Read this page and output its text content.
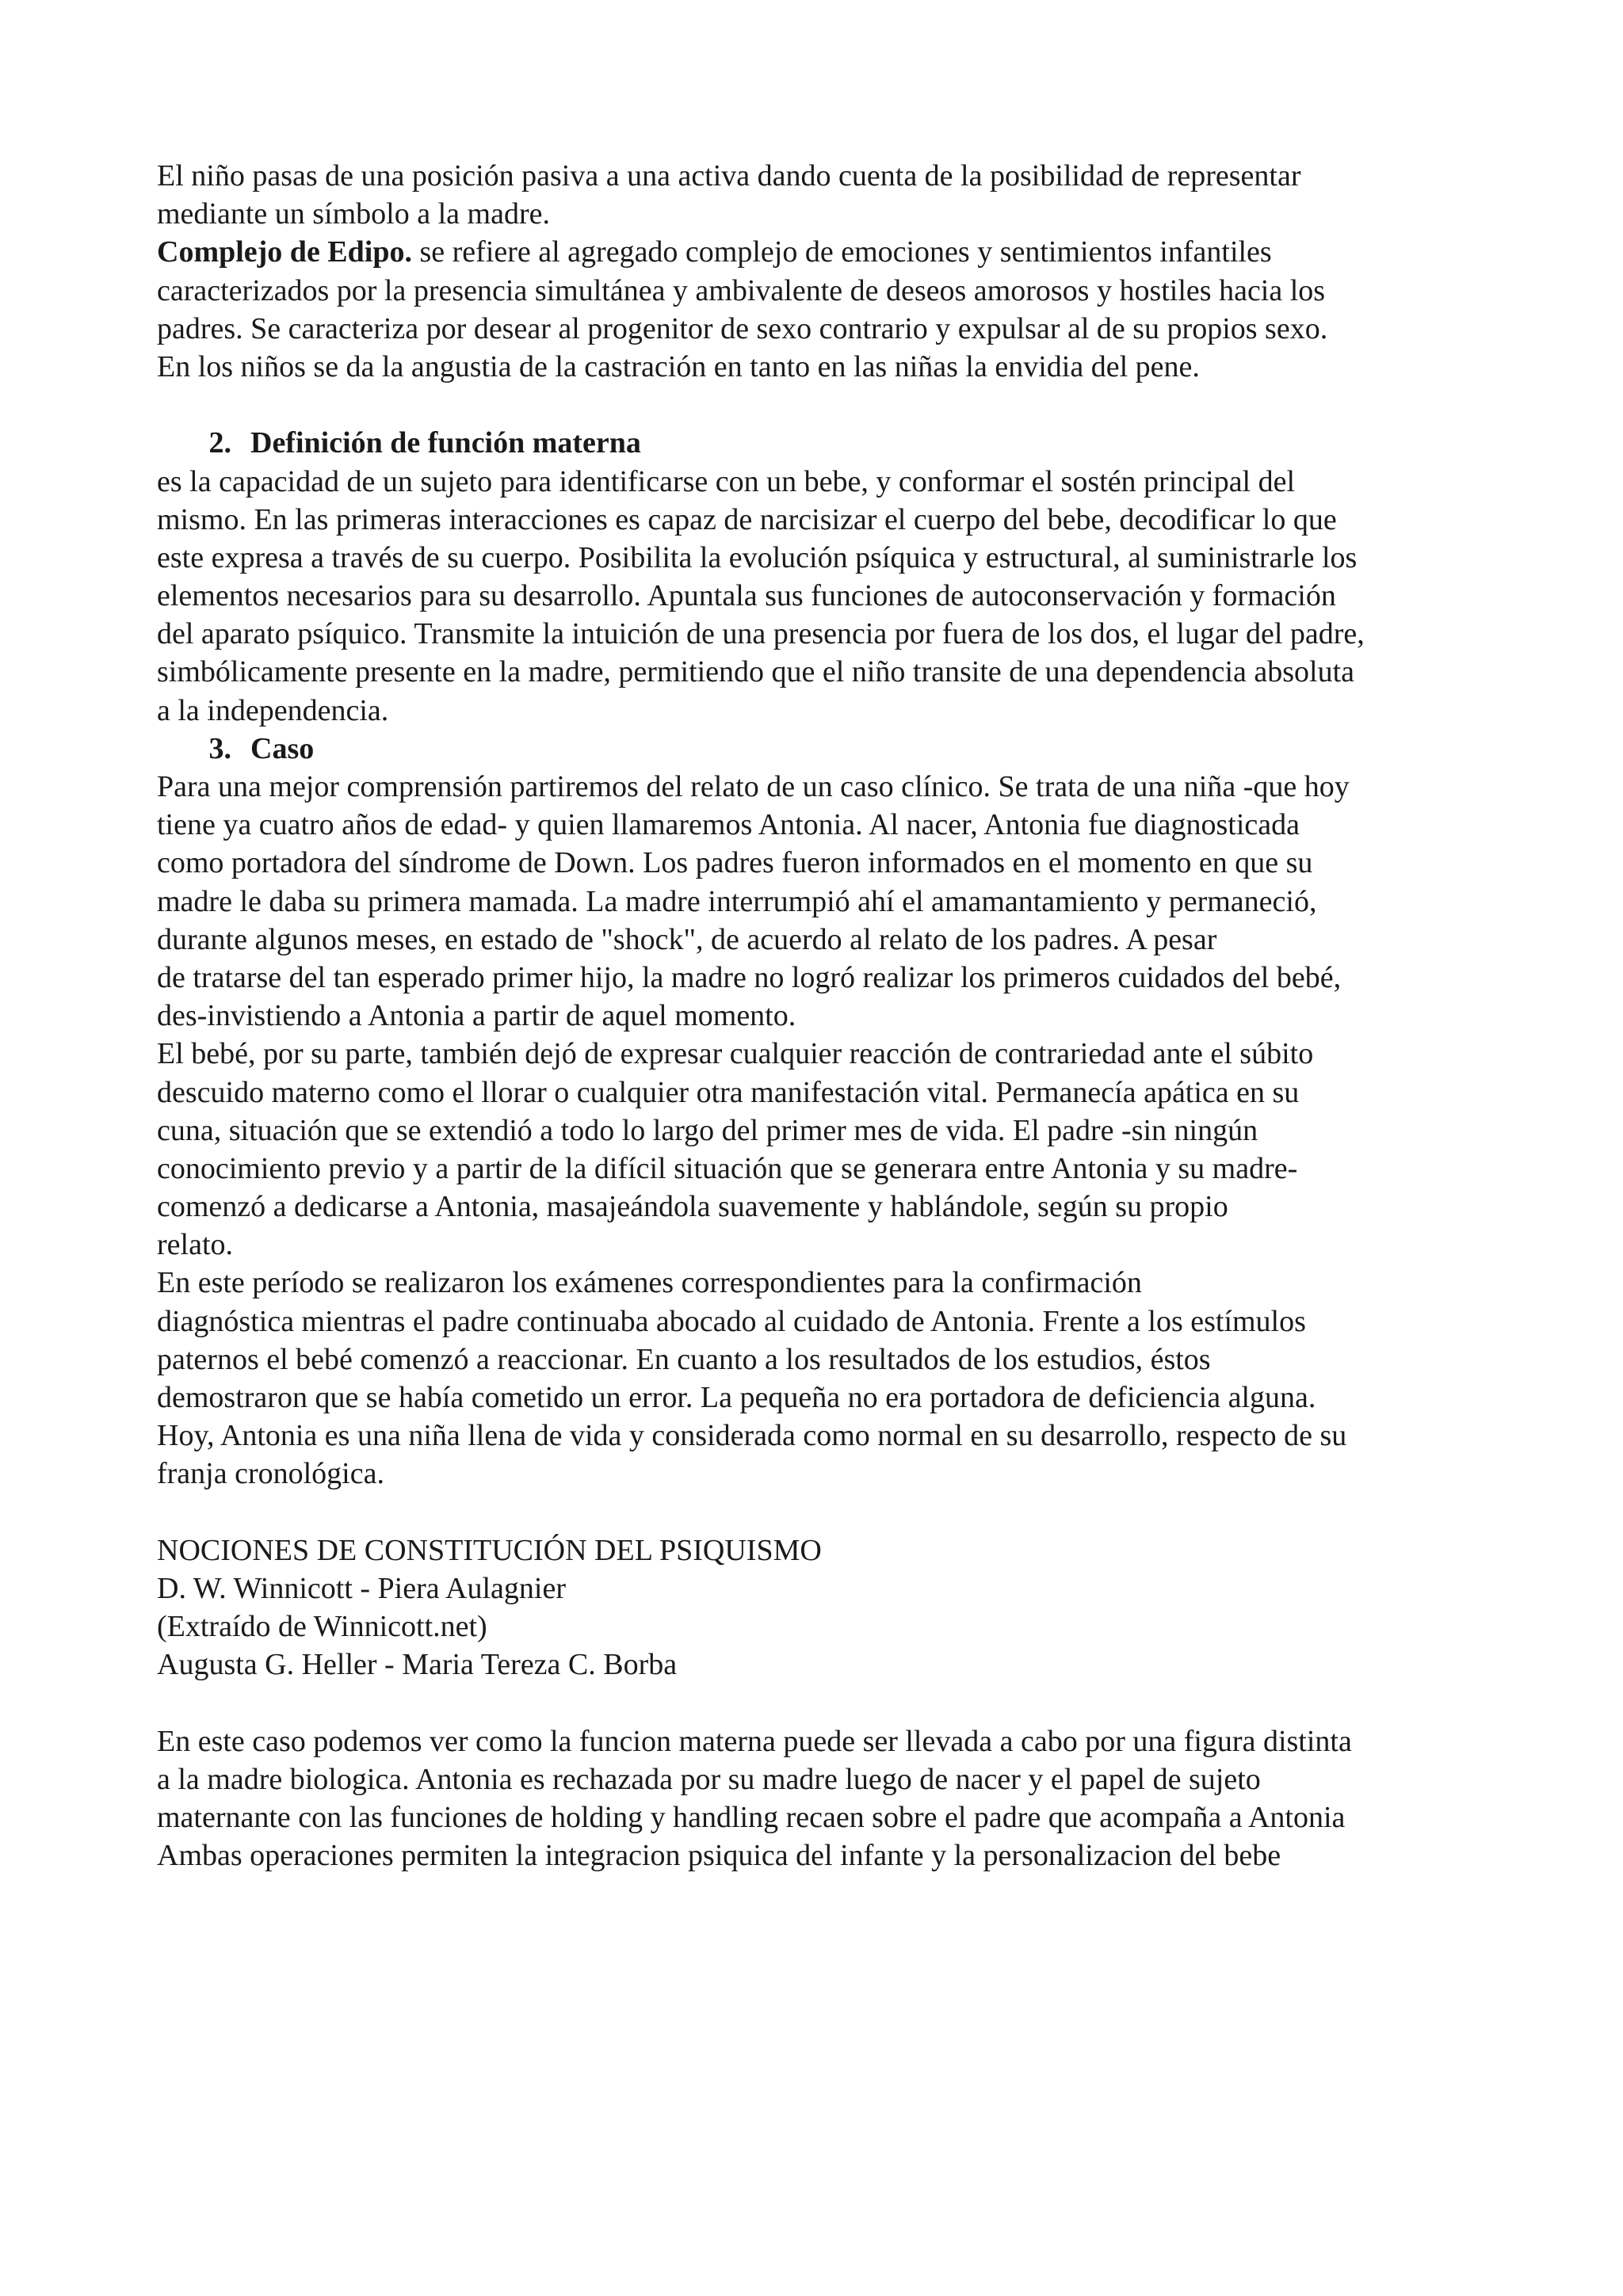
El niño pasas de una posición pasiva a una activa dando cuenta de la posibilidad de representar
mediante un símbolo a la madre.
Complejo de Edipo. se refiere al agregado complejo de emociones y sentimientos infantiles
caracterizados por la presencia simultánea y ambivalente de deseos amorosos y hostiles hacia los
padres. Se caracteriza por desear al progenitor de sexo contrario y expulsar al de su propios sexo.
En los niños se da la angustia de la castración en tanto en las niñas la envidia del pene.
2. Definición de función materna
es la capacidad de un sujeto para identificarse con un bebe, y conformar el sostén principal del
mismo. En las primeras interacciones es capaz de narcisizar el cuerpo del bebe, decodificar lo que
este expresa a través de su cuerpo. Posibilita la evolución psíquica y estructural, al suministrarle los
elementos necesarios para su desarrollo. Apuntala sus funciones de autoconservación y formación
del aparato psíquico. Transmite la intuición de una presencia por fuera de los dos, el lugar del padre,
simbólicamente presente en la madre, permitiendo que el niño transite de una dependencia absoluta
a la independencia.
3. Caso
Para una mejor comprensión partiremos del relato de un caso clínico. Se trata de una niña -que hoy
tiene ya cuatro años de edad- y quien llamaremos Antonia. Al nacer, Antonia fue diagnosticada
como portadora del síndrome de Down. Los padres fueron informados en el momento en que su
madre le daba su primera mamada. La madre interrumpió ahí el amamantamiento y permaneció,
durante algunos meses, en estado de "shock", de acuerdo al relato de los padres. A pesar
de tratarse del tan esperado primer hijo, la madre no logró realizar los primeros cuidados del bebé,
des-invistiendo a Antonia a partir de aquel momento.
El bebé, por su parte, también dejó de expresar cualquier reacción de contrariedad ante el súbito
descuido materno como el llorar o cualquier otra manifestación vital. Permanecía apática en su
cuna, situación que se extendió a todo lo largo del primer mes de vida. El padre -sin ningún
conocimiento previo y a partir de la difícil situación que se generara entre Antonia y su madre-
comenzó a dedicarse a Antonia, masajeándola suavemente y hablándole, según su propio
relato.
En este período se realizaron los exámenes correspondientes para la confirmación
diagnóstica mientras el padre continuaba abocado al cuidado de Antonia. Frente a los estímulos
paternos el bebé comenzó a reaccionar. En cuanto a los resultados de los estudios, éstos
demostraron que se había cometido un error. La pequeña no era portadora de deficiencia alguna.
Hoy, Antonia es una niña llena de vida y considerada como normal en su desarrollo, respecto de su
franja cronológica.
NOCIONES DE CONSTITUCIÓN DEL PSIQUISMO
D. W. Winnicott - Piera Aulagnier
(Extraído de Winnicott.net)
Augusta G. Heller - Maria Tereza C. Borba
En este caso podemos ver como la funcion materna puede ser llevada a cabo por una figura distinta
a la madre biologica. Antonia es rechazada por su madre luego de nacer y el papel de sujeto
maternante con las funciones de holding y handling recaen sobre el padre que acompaña a Antonia
Ambas operaciones permiten la integracion psiquica del infante y la personalizacion del bebe
